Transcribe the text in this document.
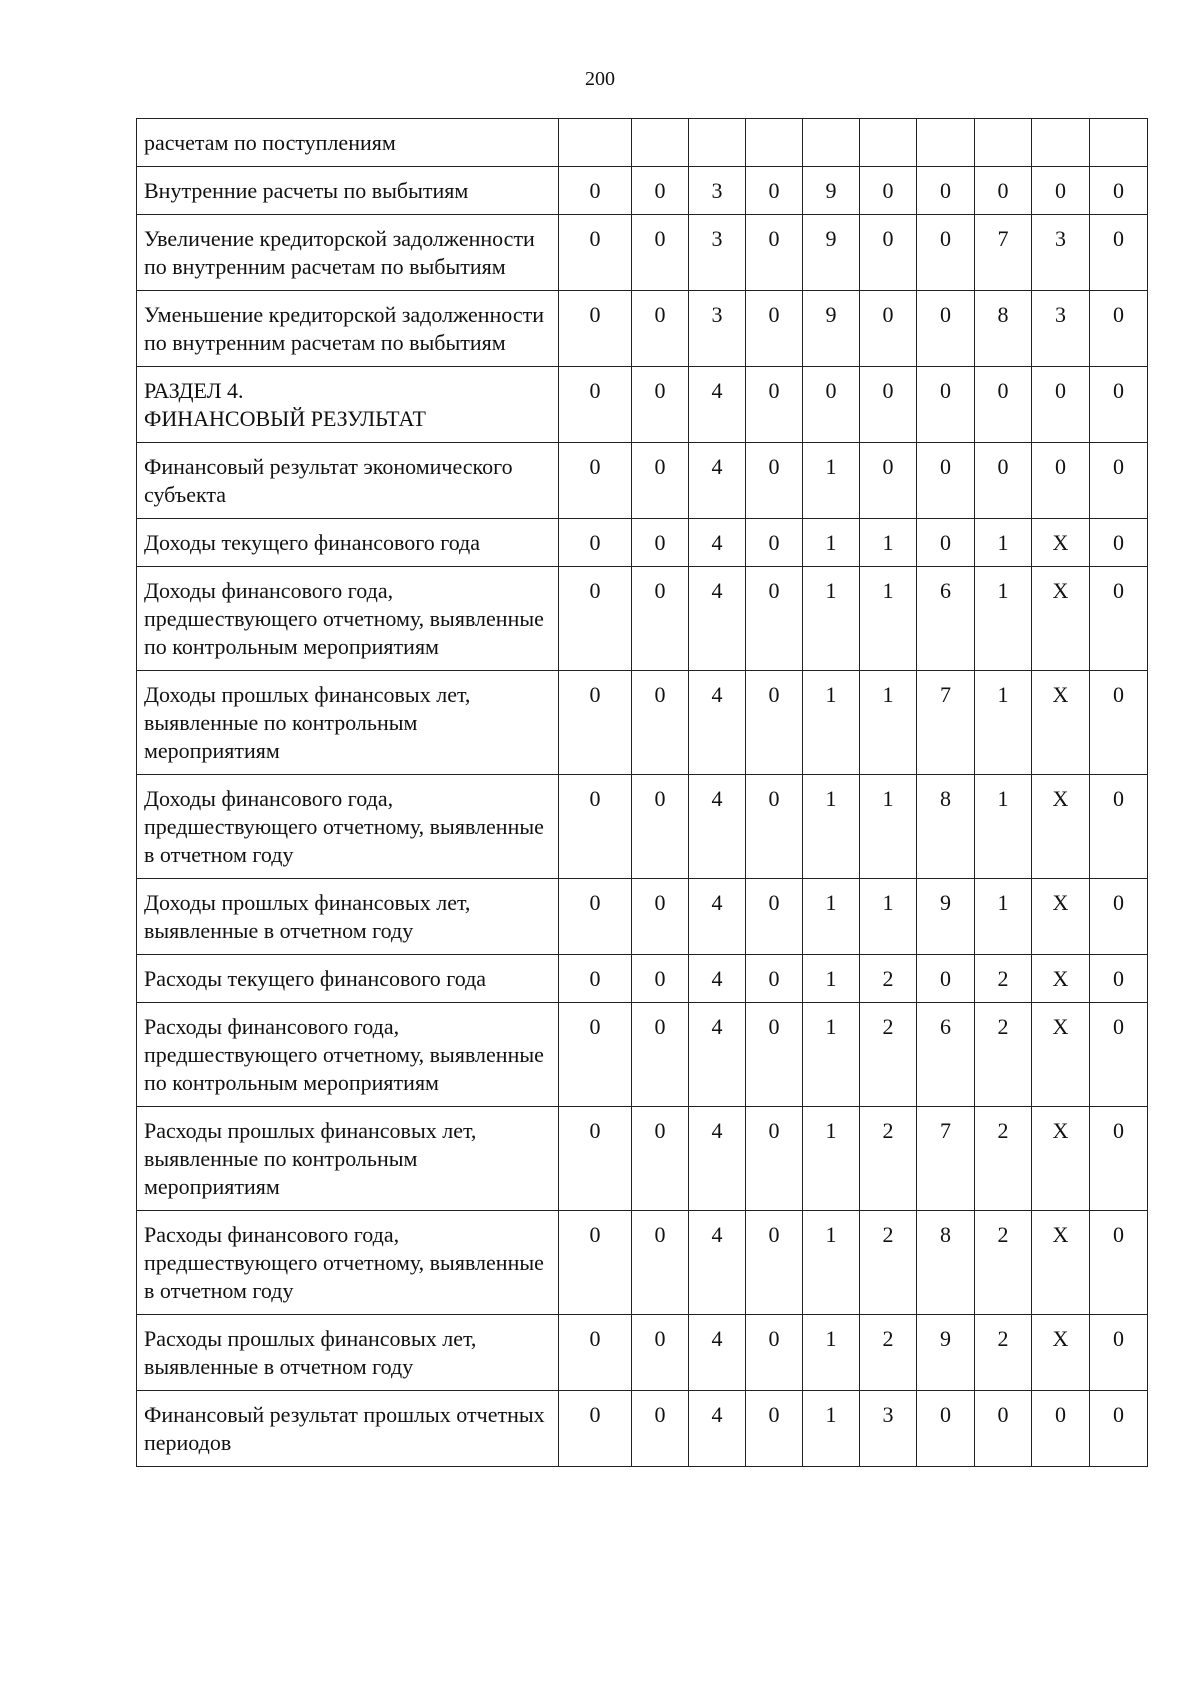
200
расчетам по поступлениям										
Внутренние расчеты по выбытиям	0	0	3	0	9	0	0	0	0	0
Увеличение кредиторской задолженности по внутренним расчетам по выбытиям	0	0	3	0	9	0	0	7	3	0
Уменьшение кредиторской задолженности по внутренним расчетам по выбытиям	0	0	3	0	9	0	0	8	3	0
РАЗДЕЛ 4.
ФИНАНСОВЫЙ РЕЗУЛЬТАТ	0	0	4	0	0	0	0	0	0	0
Финансовый результат экономического субъекта	0	0	4	0	1	0	0	0	0	0
Доходы текущего финансового года	0	0	4	0	1	1	0	1	X	0
Доходы финансового года, предшествующего отчетному, выявленные по контрольным мероприятиям	0	0	4	0	1	1	6	1	X	0
Доходы прошлых финансовых лет, выявленные по контрольным мероприятиям	0	0	4	0	1	1	7	1	X	0
Доходы финансового года, предшествующего отчетному, выявленные в отчетном году	0	0	4	0	1	1	8	1	X	0
Доходы прошлых финансовых лет, выявленные в отчетном году	0	0	4	0	1	1	9	1	X	0
Расходы текущего финансового года	0	0	4	0	1	2	0	2	X	0
Расходы финансового года, предшествующего отчетному, выявленные по контрольным мероприятиям	0	0	4	0	1	2	6	2	X	0
Расходы прошлых финансовых лет, выявленные по контрольным мероприятиям	0	0	4	0	1	2	7	2	X	0
Расходы финансового года, предшествующего отчетному, выявленные в отчетном году	0	0	4	0	1	2	8	2	X	0
Расходы прошлых финансовых лет, выявленные в отчетном году	0	0	4	0	1	2	9	2	X	0
Финансовый результат прошлых отчетных периодов	0	0	4	0	1	3	0	0	0	0
